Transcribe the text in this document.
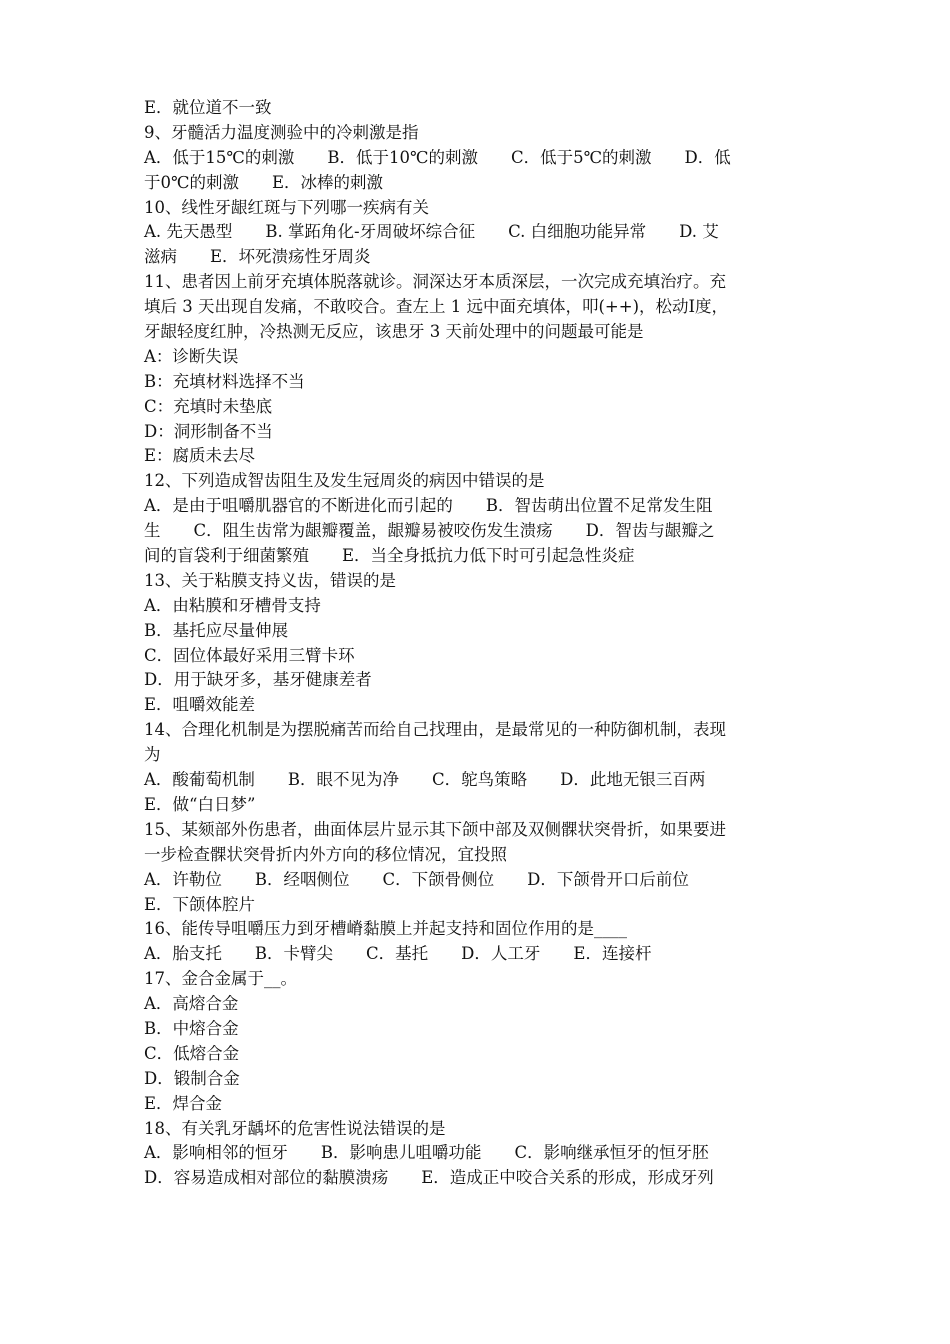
E．就位道不一致
9、牙髓活力温度测验中的冷刺激是指
A．低于15℃的刺激　　B．低于10℃的刺激　　C．低于5℃的刺激　　D．低
于0℃的刺激　　E．冰棒的刺激
10、线性牙龈红斑与下列哪一疾病有关
A. 先天愚型　　B. 掌跖角化-牙周破坏综合征　　C. 白细胞功能异常　　D. 艾
滋病　　E．坏死溃疡性牙周炎
11、患者因上前牙充填体脱落就诊。洞深达牙本质深层，一次完成充填治疗。充
填后 3 天出现自发痛，不敢咬合。查左上 1 远中面充填体，叩(++)，松动Ⅰ度，
牙龈轻度红肿，冷热测无反应，该患牙 3 天前处理中的问题最可能是
A：诊断失误
B：充填材料选择不当
C：充填时未垫底
D：洞形制备不当
E：腐质未去尽
12、下列造成智齿阻生及发生冠周炎的病因中错误的是
A．是由于咀嚼肌器官的不断进化而引起的　　B．智齿萌出位置不足常发生阻
生　　C．阻生齿常为龈瓣覆盖，龈瓣易被咬伤发生溃疡　　D．智齿与龈瓣之
间的盲袋利于细菌繁殖　　E．当全身抵抗力低下时可引起急性炎症
13、关于粘膜支持义齿，错误的是
A．由粘膜和牙槽骨支持
B．基托应尽量伸展
C．固位体最好采用三臂卡环
D．用于缺牙多，基牙健康差者
E．咀嚼效能差
14、合理化机制是为摆脱痛苦而给自己找理由，是最常见的一种防御机制，表现
为
A．酸葡萄机制　　B．眼不见为净　　C．鸵鸟策略　　D．此地无银三百两
E．做“白日梦”
15、某颏部外伤患者，曲面体层片显示其下颌中部及双侧髁状突骨折，如果要进
一步检查髁状突骨折内外方向的移位情况，宜投照
A．许勒位　　B．经咽侧位　　C．下颌骨侧位　　D．下颌骨开口后前位
E．下颌体腔片
16、能传导咀嚼压力到牙槽嵴黏膜上并起支持和固位作用的是____
A．胎支托　　B．卡臂尖　　C．基托　　D．人工牙　　E．连接杆
17、金合金属于__。
A．高熔合金
B．中熔合金
C．低熔合金
D．锻制合金
E．焊合金
18、有关乳牙龋坏的危害性说法错误的是
A．影响相邻的恒牙　　B．影响患儿咀嚼功能　　C．影响继承恒牙的恒牙胚
D．容易造成相对部位的黏膜溃疡　　E．造成正中咬合关系的形成，形成牙列
